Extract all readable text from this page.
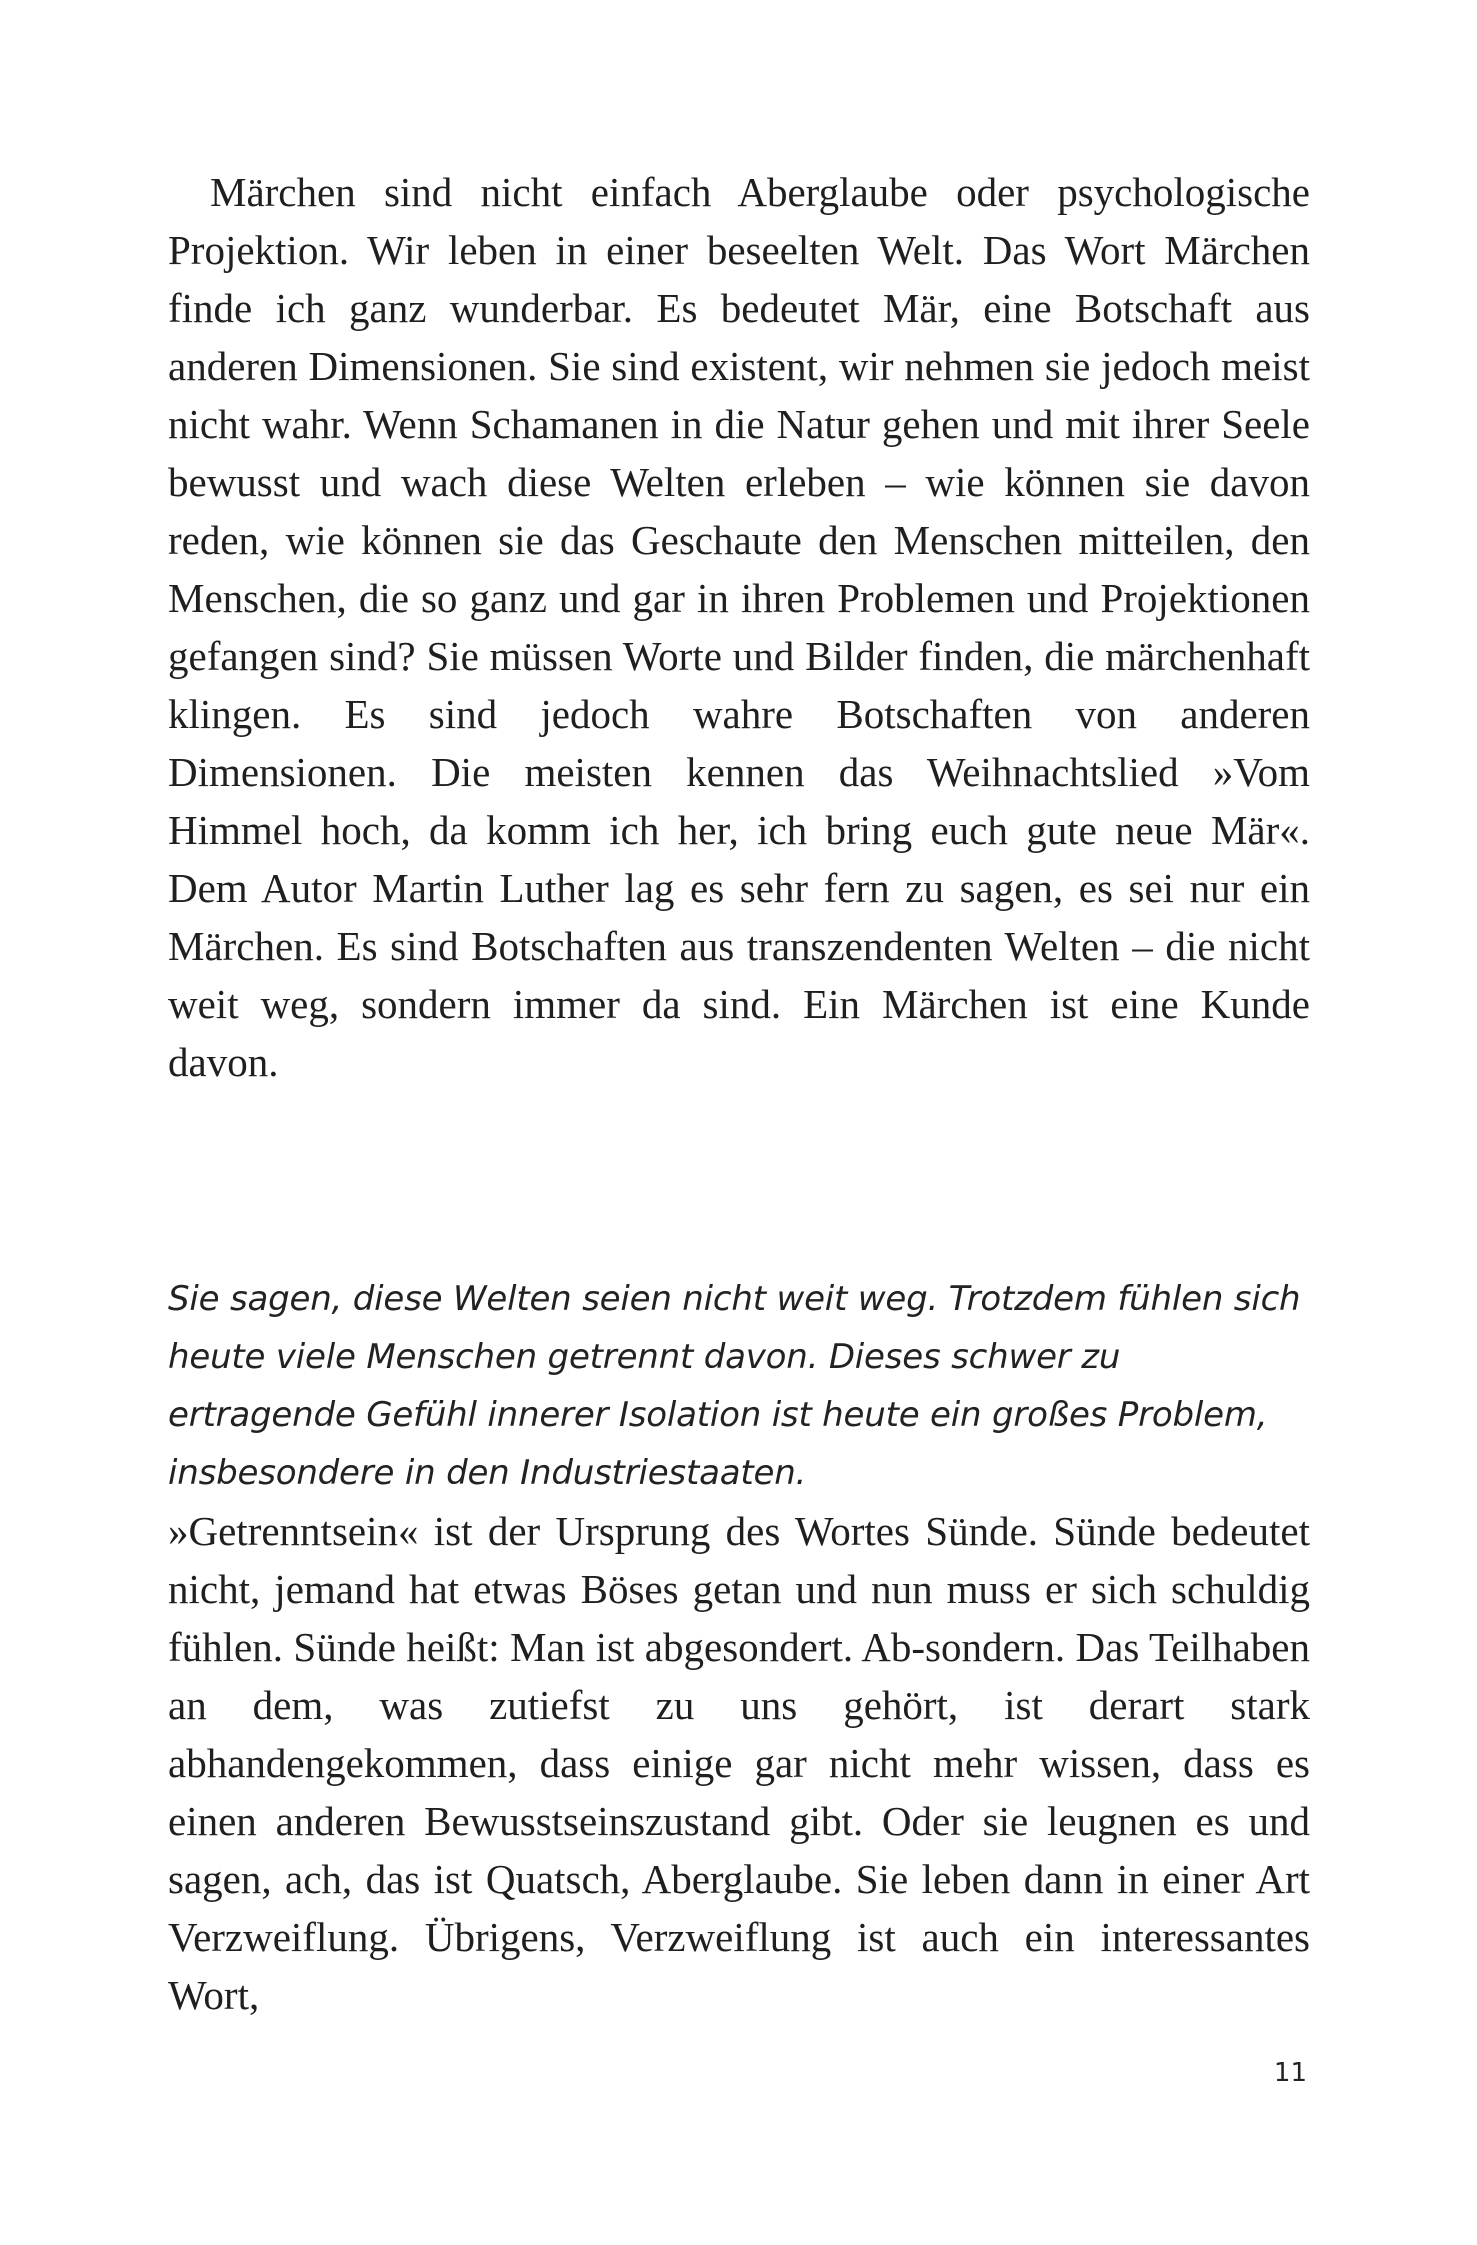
Märchen sind nicht einfach Aberglaube oder psychologische Projektion. Wir leben in einer beseelten Welt. Das Wort Märchen finde ich ganz wunderbar. Es bedeutet Mär, eine Botschaft aus anderen Dimensionen. Sie sind existent, wir nehmen sie jedoch meist nicht wahr. Wenn Schamanen in die Natur gehen und mit ihrer Seele bewusst und wach diese Welten erleben – wie können sie davon reden, wie können sie das Geschaute den Menschen mitteilen, den Menschen, die so ganz und gar in ihren Problemen und Projektionen gefangen sind? Sie müssen Worte und Bilder finden, die märchenhaft klingen. Es sind jedoch wahre Botschaften von anderen Dimensionen. Die meisten kennen das Weihnachtslied »Vom Himmel hoch, da komm ich her, ich bring euch gute neue Mär«. Dem Autor Martin Luther lag es sehr fern zu sagen, es sei nur ein Märchen. Es sind Botschaften aus transzendenten Welten – die nicht weit weg, sondern immer da sind. Ein Märchen ist eine Kunde davon.

Sie sagen, diese Welten seien nicht weit weg. Trotzdem fühlen sich heute viele Menschen getrennt davon. Dieses schwer zu ertragende Gefühl innerer Isolation ist heute ein großes Problem, insbesondere in den Industriestaaten.

»Getrenntsein« ist der Ursprung des Wortes Sünde. Sünde bedeutet nicht, jemand hat etwas Böses getan und nun muss er sich schuldig fühlen. Sünde heißt: Man ist abgesondert. Ab-sondern. Das Teilhaben an dem, was zutiefst zu uns gehört, ist derart stark abhandengekommen, dass einige gar nicht mehr wissen, dass es einen anderen Bewusstseinszustand gibt. Oder sie leugnen es und sagen, ach, das ist Quatsch, Aberglaube. Sie leben dann in einer Art Verzweiflung. Übrigens, Verzweiflung ist auch ein interessantes Wort,

11
